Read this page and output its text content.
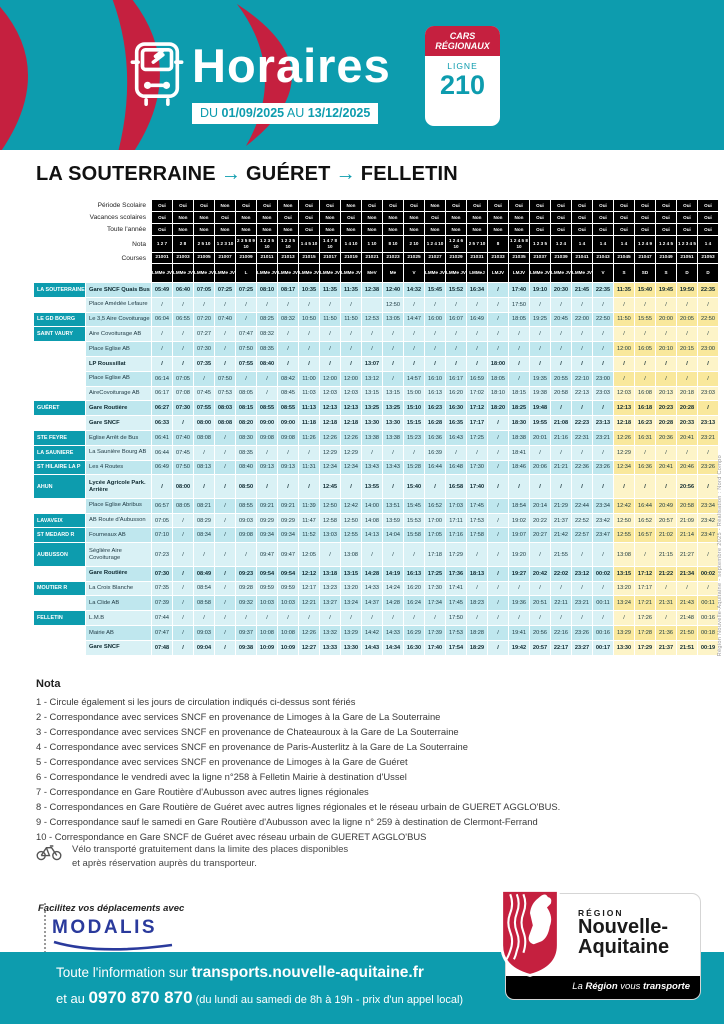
Horaires
DU 01/09/2025 AU 13/12/2025
CARS RÉGIONAUX
LIGNE
210
LA SOUTERRAINE → GUÉRET → FELLETIN
Période Scolaire		Oui	Oui	Oui	Non	Oui	Oui	Non	Oui	Oui	Non	Oui	Oui	Oui	Non	Oui	Oui	Oui	Oui	Oui	Oui	Oui	Oui	Oui	Oui	Oui	Oui	Oui
Vacances scolaires		Oui	Non	Non	Oui	Non	Non	Oui	Oui	Non	Oui	Non	Non	Non	Oui	Non	Non	Non	Non	Oui	Oui	Oui	Oui	Oui	Oui	Oui	Oui	Oui
Toute l'année		Oui	Non	Non	Non	Non	Non	Non	Oui	Non	Non	Non	Non	Non	Non	Non	Non	Non	Non	Oui	Oui	Oui	Oui	Oui	Oui	Oui	Oui	Oui
Nota		1 2 7	2 8	2 5 10	1 2 3 10	2 3 5 8 9 10	1 2 3 5 10	1 2 3 5 10	1 4 5 10	1 4 7 8 10	1 4 10	1 10	8 10	2 10	1 2 4 10	1 2 4 6 10	2 5 7 10	8	1 2 4 5 8 10	1 2 3 5	1 2 4	1 4	1 4	1 4	1 2 4 9	1 2 4 5	1 2 3 4 5	1 4
Courses		21001	21003	21005	21007	21009	21011	21013	21015	21017	21019	21021	21023	21025	21027	21029	21031	21033	21035	21037	21039	21041	21043	21045	21047	21049	21051	21053
		LMMe JV	LMMe JV	LMMe JV	LMMe JV	L	LMMe JV	LMMe JV	LMMe JV	LMMe JV	LMMe JV	MeV	Me	V	LMMe JV	LMMe JV	LMMeJ	LMJV	LMJV	LMMe JV	LMMe JV	LMMe JV	V	S	SD	S	D	D
LA SOUTERRAINE	Gare SNCF Quais Bus	05:49	06:40	07:05	07:25	07:25	08:10	08:17	10:35	11:35	11:35	12:38	12:40	14:32	15:45	15:52	16:34	/	17:40	19:10	20:30	21:45	22:35	11:35	15:40	19:45	19:50	22:35
	Place Amédée Lefaure	/	/	/	/	/	/	/	/	/	/		12:50	/	/	/	/	/	17:50	/	/	/	/	/	/	/	/	/
LE GD BOURG	Le 3,5 Aire Covoiturage	06:04	06:55	07:20	07:40	/	08:25	08:32	10:50	11:50	11:50	12:53	13:05	14:47	16:00	16:07	16:49	/	18:05	19:25	20:45	22:00	22:50	11:50	15:55	20:00	20:05	22:50
SAINT VAURY	Aire Covoiturage AB	/	/	07:27	/	07:47	08:32	/	/	/	/	/	/	/	/	/	/	/	/	/	/	/	/	/	/	/	/	/
	Place Eglise AB	/	/	07:30	/	07:50	08:35	/	/	/	/	/	/	/	/	/	/	/	/	/	/	/	/	12:00	16:05	20:10	20:15	23:00
	LP Roussillat	/	/	07:35	/	07:55	08:40	/	/	/	/	13:07	/	/	/	/	/	18:00	/	/	/	/	/	/	/	/	/	/
	Place Eglise AB	06:14	07:05	/	07:50	/	/	08:42	11:00	12:00	12:00	13:12	/	14:57	16:10	16:17	16:59	18:05	/	19:35	20:55	22:10	23:00	/	/	/	/	/
	AireCovoiturage AB	06:17	07:08	07:45	07:53	08:05	/	08:45	11:03	12:03	12:03	13:15	13:15	15:00	16:13	16:20	17:02	18:10	18:15	19:38	20:58	22:13	23:03	12:03	16:08	20:13	20:18	23:03
GUÉRET	Gare Routière	06:27	07:30	07:55	08:03	08:15	08:55	08:55	11:13	12:13	12:13	13:25	13:25	15:10	16:23	16:30	17:12	18:20	18:25	19:48	/	/	/	12:13	16:18	20:23	20:28	/
	Gare SNCF	06:33	/	08:00	08:08	08:20	09:00	09:00	11:18	12:18	12:18	13:30	13:30	15:15	16:28	16:35	17:17	/	18:30	19:55	21:08	22:23	23:13	12:18	16:23	20:28	20:33	23:13
STE FEYRE	Eglise Arrêt de Bus	06:41	07:40	08:08	/	08:30	09:08	09:08	11:26	12:26	12:26	13:38	13:38	15:23	16:36	16:43	17:25	/	18:38	20:01	21:16	22:31	23:21	12:26	16:31	20:36	20:41	23:21
LA SAUNIERE	La Saunière Bourg AB	06:44	07:45	/	/	08:35	/	/	/	12:29	12:29	/	/	/	16:39	/	/	/	18:41	/	/	/	/	12:29	/	/	/	/
ST HILAIRE LA P	Les 4 Routes	06:49	07:50	08:13	/	08:40	09:13	09:13	11:31	12:34	12:34	13:43	13:43	15:28	16:44	16:48	17:30	/	18:46	20:06	21:21	22:36	23:26	12:34	16:36	20:41	20:46	23:26
AHUN	Lycée Agricole Park. Arrière	/	08:00	/	/	08:50	/	/	/	12:45	/	13:55	/	15:40	/	16:58	17:40	/	/	/	/	/	/	/	/	/	20:56	/
	Place Eglise Abribus	06:57	08:05	08:21	/	08:55	09:21	09:21	11:39	12:50	12:42	14:00	13:51	15:45	16:52	17:03	17:45	/	18:54	20:14	21:29	22:44	23:34	12:42	16:44	20:49	20:58	23:34
LAVAVEIX	AB Route d'Aubusson	07:05	/	08:29	/	09:03	09:29	09:29	11:47	12:58	12:50	14:08	13:59	15:53	17:00	17:11	17:53	/	19:02	20:22	21:37	22:52	23:42	12:50	16:52	20:57	21:09	23:42
ST MEDARD R	Fourneaux AB	07:10	/	08:34	/	09:08	09:34	09:34	11:52	13:03	12:55	14:13	14:04	15:58	17:05	17:16	17:58	/	19:07	20:27	21:42	22:57	23:47	12:55	16:57	21:02	21:14	23:47
AUBUSSON	Séglière Aire Covoiturage	07:23	/	/	/	/	09:47	09:47	12:05	/	13:08	/	/	/	17:18	17:29	/	/	19:20	/	21:55	/	/	13:08	/	21:15	21:27	/
	Gare Routière	07:30	/	08:49	/	09:23	09:54	09:54	12:12	13:18	13:15	14:28	14:19	16:13	17:25	17:36	18:13	/	19:27	20:42	22:02	23:12	00:02	13:15	17:12	21:22	21:34	00:02
MOUTIER R	La Croix Blanche	07:35	/	08:54	/	09:28	09:59	09:59	12:17	13:23	13:20	14:33	14:24	16:20	17:30	17:41	/	/	/	/	/	/	/	13:20	17:17	/	/	/
	La Clide AB	07:39	/	08:58	/	09:32	10:03	10:03	12:21	13:27	13:24	14:37	14:28	16:24	17:34	17:45	18:23	/	19:36	20:51	22:11	23:21	00:11	13:24	17:21	21:31	21:43	00:11
FELLETIN	L.M.B	07:44	/	/	/	/	/	/	/	/	/	/	/	/	/	17:50	/	/	/	/	/	/	/	/	17:26	/	21:48	00:16
	Mairie AB	07:47	/	09:03	/	09:37	10:08	10:08	12:26	13:32	13:29	14:42	14:33	16:29	17:39	17:53	18:28	/	19:41	20:56	22:16	23:26	00:16	13:29	17:28	21:36	21:50	00:18
	Gare SNCF	07:48	/	09:04	/	09:38	10:09	10:09	12:27	13:33	13:30	14:43	14:34	16:30	17:40	17:54	18:29	/	19:42	20:57	22:17	23:27	00:17	13:30	17:29	21:37	21:51	00:19
Nota
1 - Circule également si les jours de circulation indiqués ci-dessus sont fériés
2 - Correspondance avec services SNCF en provenance de Limoges à la Gare de La Souterraine
3 - Correspondance avec services SNCF en provenance de Chateauroux à la Gare de La Souterraine
4 - Correspondance avec services SNCF en provenance de Paris-Austerlitz à la Gare de La Souterraine
5 - Correspondance avec services SNCF en provenance de Limoges à la Gare de Guéret
6 - Correspondance le vendredi avec la ligne n°258 à Felletin Mairie à destination d'Ussel
7 - Correspondance en Gare Routière d'Aubusson avec autres lignes régionales
8 - Correspondances en Gare Routière de Guéret avec autres lignes régionales et le réseau urbain de GUERET AGGLO'BUS.
9 - Correspondance sauf le samedi en Gare Routière d'Aubusson avec la ligne n° 259 à destination de Clermont-Ferrand
10 - Correspondance en Gare SNCF de Guéret avec réseau urbain de GUERET AGGLO'BUS
Vélo transporté gratuitement dans la limite des places disponibles
et après réservation auprès du transporteur.
Facilitez vos déplacements avec
MODALIS
Toute l'information sur transports.nouvelle-aquitaine.fr
et au 0970 870 870 (du lundi au samedi de 8h à 19h - prix d'un appel local)
RÉGION
Nouvelle-
Aquitaine
La Région vous transporte
Région Nouvelle-Aquitaine - septembre 2025 - Réalisation : Nord Compo
